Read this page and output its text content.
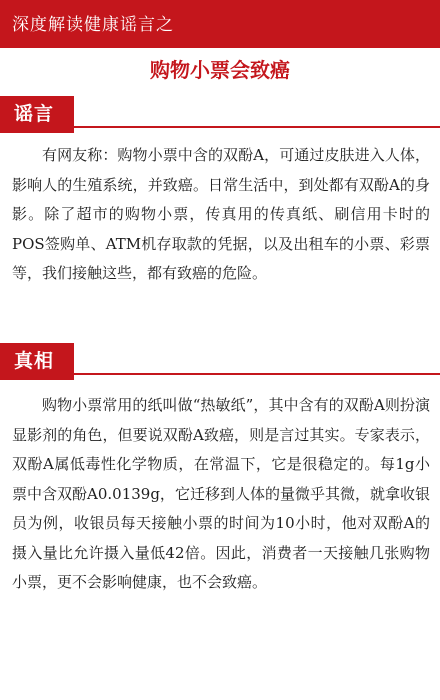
深度解读健康谣言之
购物小票会致癌
谣言

有网友称：购物小票中含的双酚A，可通过皮肤进入人体，影响人的生殖系统，并致癌。日常生活中，到处都有双酚A的身影。除了超市的购物小票，传真用的传真纸、刷信用卡时的POS签购单、ATM机存取款的凭据，以及出租车的小票、彩票等，我们接触这些，都有致癌的危险。

真相

购物小票常用的纸叫做“热敏纸”，其中含有的双酚A则扮演显影剂的角色，但要说双酚A致癌，则是言过其实。专家表示，双酚A属低毒性化学物质，在常温下，它是很稳定的。每1g小票中含双酚A0.0139g，它迁移到人体的量微乎其微，就拿收银员为例，收银员每天接触小票的时间为10小时，他对双酚A的摄入量比允许摄入量低42倍。因此，消费者一天接触几张购物小票，更不会影响健康，也不会致癌。
